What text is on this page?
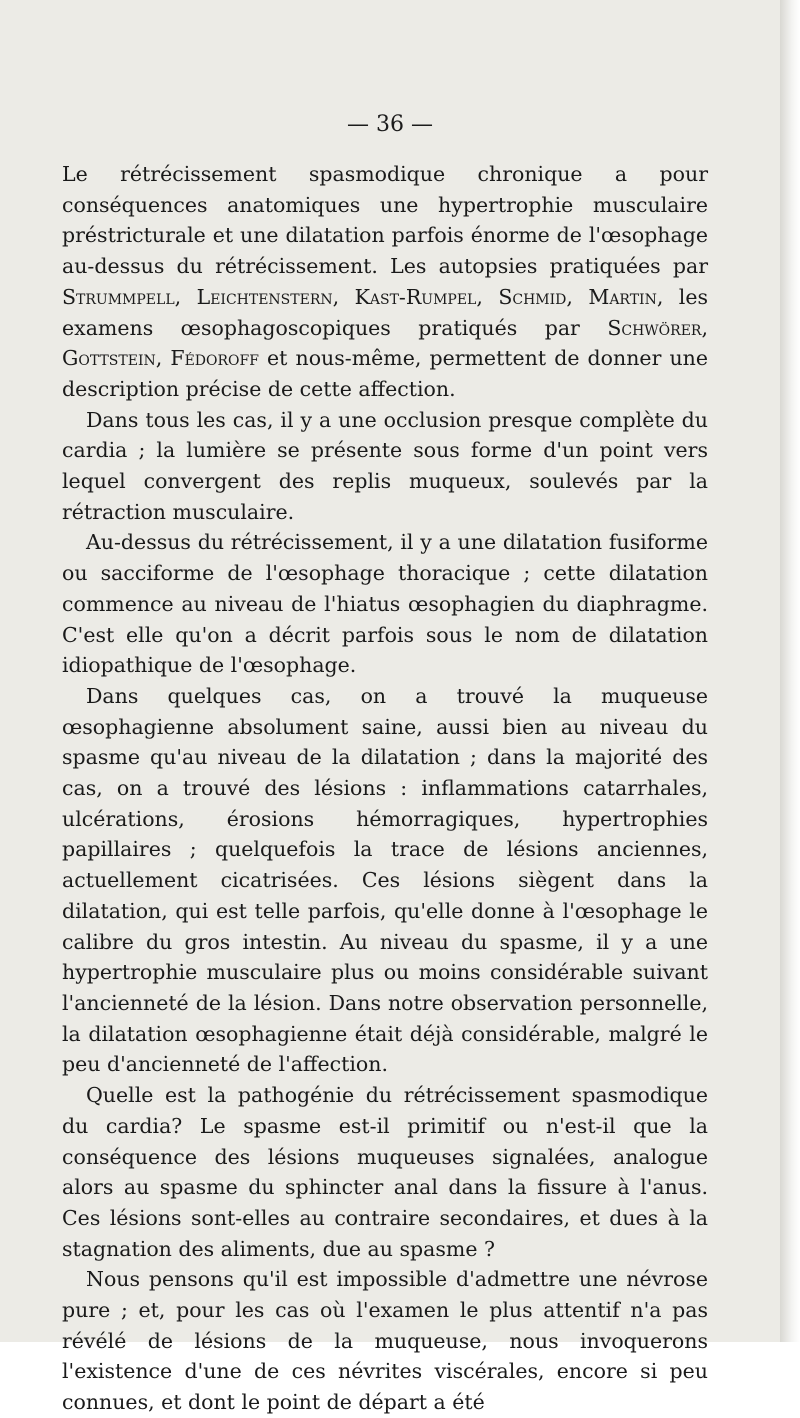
— 36 —

Le rétrécissement spasmodique chronique a pour conséquences anatomiques une hypertrophie musculaire préstricturale et une dilatation parfois énorme de l'œsophage au-dessus du rétrécissement. Les autopsies pratiquées par Strummpell, Leichtenstern, Kast-Rumpel, Schmid, Martin, les examens œsophagoscopiques pratiqués par Schwörer, Gottstein, Fédoroff et nous-même, permettent de donner une description précise de cette affection.

Dans tous les cas, il y a une occlusion presque complète du cardia ; la lumière se présente sous forme d'un point vers lequel convergent des replis muqueux, soulevés par la rétraction musculaire.

Au-dessus du rétrécissement, il y a une dilatation fusiforme ou sacciforme de l'œsophage thoracique ; cette dilatation commence au niveau de l'hiatus œsophagien du diaphragme. C'est elle qu'on a décrit parfois sous le nom de dilatation idiopathique de l'œsophage.

Dans quelques cas, on a trouvé la muqueuse œsophagienne absolument saine, aussi bien au niveau du spasme qu'au niveau de la dilatation ; dans la majorité des cas, on a trouvé des lésions : inflammations catarrhales, ulcérations, érosions hémorragiques, hypertrophies papillaires ; quelquefois la trace de lésions anciennes, actuellement cicatrisées. Ces lésions siègent dans la dilatation, qui est telle parfois, qu'elle donne à l'œsophage le calibre du gros intestin. Au niveau du spasme, il y a une hypertrophie musculaire plus ou moins considérable suivant l'ancienneté de la lésion. Dans notre observation personnelle, la dilatation œsophagienne était déjà considérable, malgré le peu d'ancienneté de l'affection.

Quelle est la pathogénie du rétrécissement spasmodique du cardia? Le spasme est-il primitif ou n'est-il que la conséquence des lésions muqueuses signalées, analogue alors au spasme du sphincter anal dans la fissure à l'anus. Ces lésions sont-elles au contraire secondaires, et dues à la stagnation des aliments, due au spasme ?

Nous pensons qu'il est impossible d'admettre une névrose pure ; et, pour les cas où l'examen le plus attentif n'a pas révélé de lésions de la muqueuse, nous invoquerons l'existence d'une de ces névrites viscérales, encore si peu connues, et dont le point de départ a été
